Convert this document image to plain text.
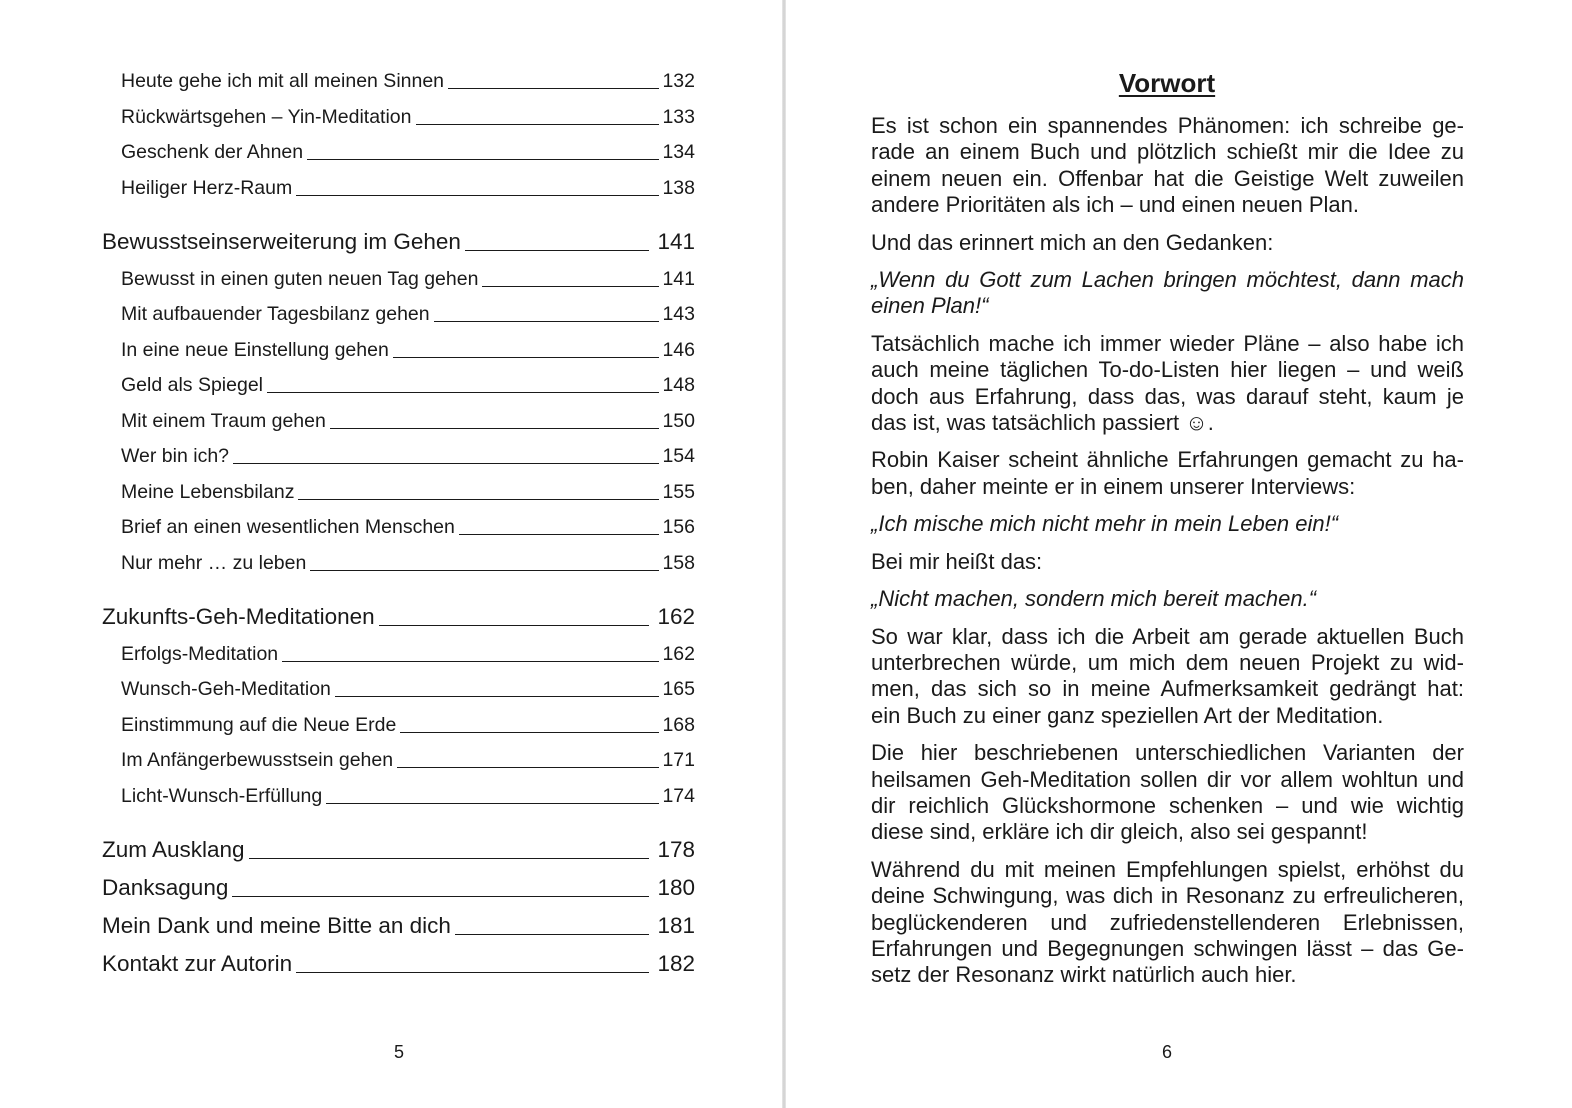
Heute gehe ich mit all meinen Sinnen	132
Rückwärtsgehen – Yin-Meditation	133
Geschenk der Ahnen	134
Heiliger Herz-Raum	138
Bewusstseinserweiterung im Gehen	141
Bewusst in einen guten neuen Tag gehen	141
Mit aufbauender Tagesbilanz gehen	143
In eine neue Einstellung gehen	146
Geld als Spiegel	148
Mit einem Traum gehen	150
Wer bin ich?	154
Meine Lebensbilanz	155
Brief an einen wesentlichen Menschen	156
Nur mehr … zu leben	158
Zukunfts-Geh-Meditationen	162
Erfolgs-Meditation	162
Wunsch-Geh-Meditation	165
Einstimmung auf die Neue Erde	168
Im Anfängerbewusstsein gehen	171
Licht-Wunsch-Erfüllung	174
Zum Ausklang	178
Danksagung	180
Mein Dank und meine Bitte an dich	181
Kontakt zur Autorin	182
5
Vorwort

Es ist schon ein spannendes Phänomen: ich schreibe ge-
rade an einem Buch und plötzlich schießt mir die Idee zu
einem neuen ein. Offenbar hat die Geistige Welt zuweilen
andere Prioritäten als ich – und einen neuen Plan.

Und das erinnert mich an den Gedanken:

„Wenn du Gott zum Lachen bringen möchtest, dann mach
einen Plan!“

Tatsächlich mache ich immer wieder Pläne – also habe ich
auch meine täglichen To-do-Listen hier liegen – und weiß
doch aus Erfahrung, dass das, was darauf steht, kaum je
das ist, was tatsächlich passiert ☺.

Robin Kaiser scheint ähnliche Erfahrungen gemacht zu ha-
ben, daher meinte er in einem unserer Interviews:

„Ich mische mich nicht mehr in mein Leben ein!“

Bei mir heißt das:

„Nicht machen, sondern mich bereit machen.“

So war klar, dass ich die Arbeit am gerade aktuellen Buch
unterbrechen würde, um mich dem neuen Projekt zu wid-
men, das sich so in meine Aufmerksamkeit gedrängt hat:
ein Buch zu einer ganz speziellen Art der Meditation.

Die hier beschriebenen unterschiedlichen Varianten der
heilsamen Geh-Meditation sollen dir vor allem wohltun und
dir reichlich Glückshormone schenken – und wie wichtig
diese sind, erkläre ich dir gleich, also sei gespannt!

Während du mit meinen Empfehlungen spielst, erhöhst du
deine Schwingung, was dich in Resonanz zu erfreulicheren,
beglückenderen und zufriedenstellenderen Erlebnissen,
Erfahrungen und Begegnungen schwingen lässt – das Ge-
setz der Resonanz wirkt natürlich auch hier.

6
